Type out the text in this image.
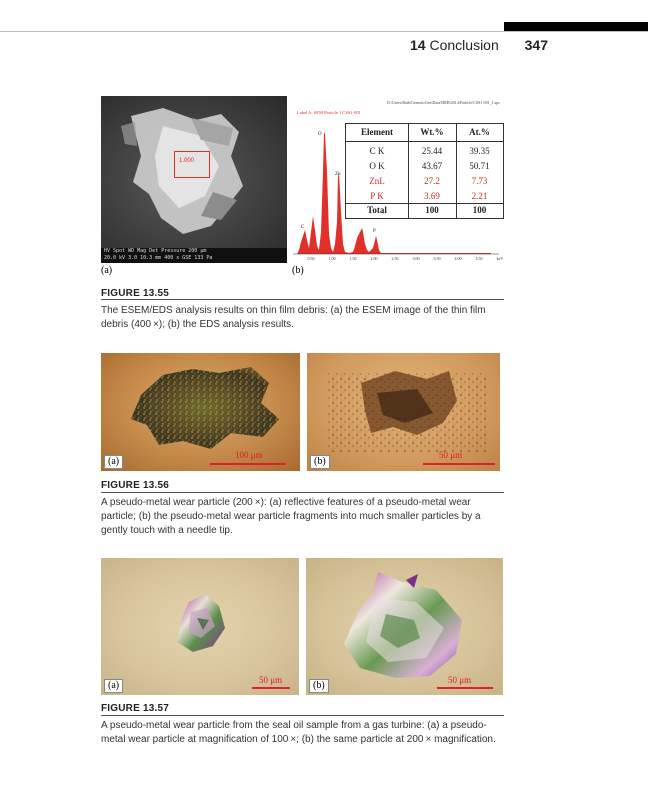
14 Conclusion 347
1.000
HV Spot WD Mag Det Pressure 200 μm
20.0 kV 3.0 10.3 mm 400 x GSE 133 Pa
(a)
D:\Users\Bath\Genesis\Gen\Data\HRH\2014\Particle\CSS1-001_1.spc
Label A: SEM Particle 1 CSS1-001
O
Zn
C
P
0.50	1.00	1.50	2.00	2.50	3.00	3.50	4.00	4.50	keV
Element	Wt.%	At.%
C K	25.44	39.35
O K	43.67	50.71
ZnL	27.2	7.73
P K	3.69	2.21
Total	100	100
(b)
FIGURE 13.55
The ESEM/EDS analysis results on thin film debris: (a) the ESEM image of the thin film debris (400 ×); (b) the EDS analysis results.
(a)
100 μm
(b)
50 μm
FIGURE 13.56
A pseudo-metal wear particle (200 ×): (a) reflective features of a pseudo-metal wear particle; (b) the pseudo-metal wear particle fragments into much smaller particles by a gently touch with a needle tip.
(a)	50 μm	(b)	50 μm
FIGURE 13.57
A pseudo-metal wear particle from the seal oil sample from a gas turbine: (a) a pseudo-metal wear particle at magnification of 100 ×; (b) the same particle at 200 × magnification.
